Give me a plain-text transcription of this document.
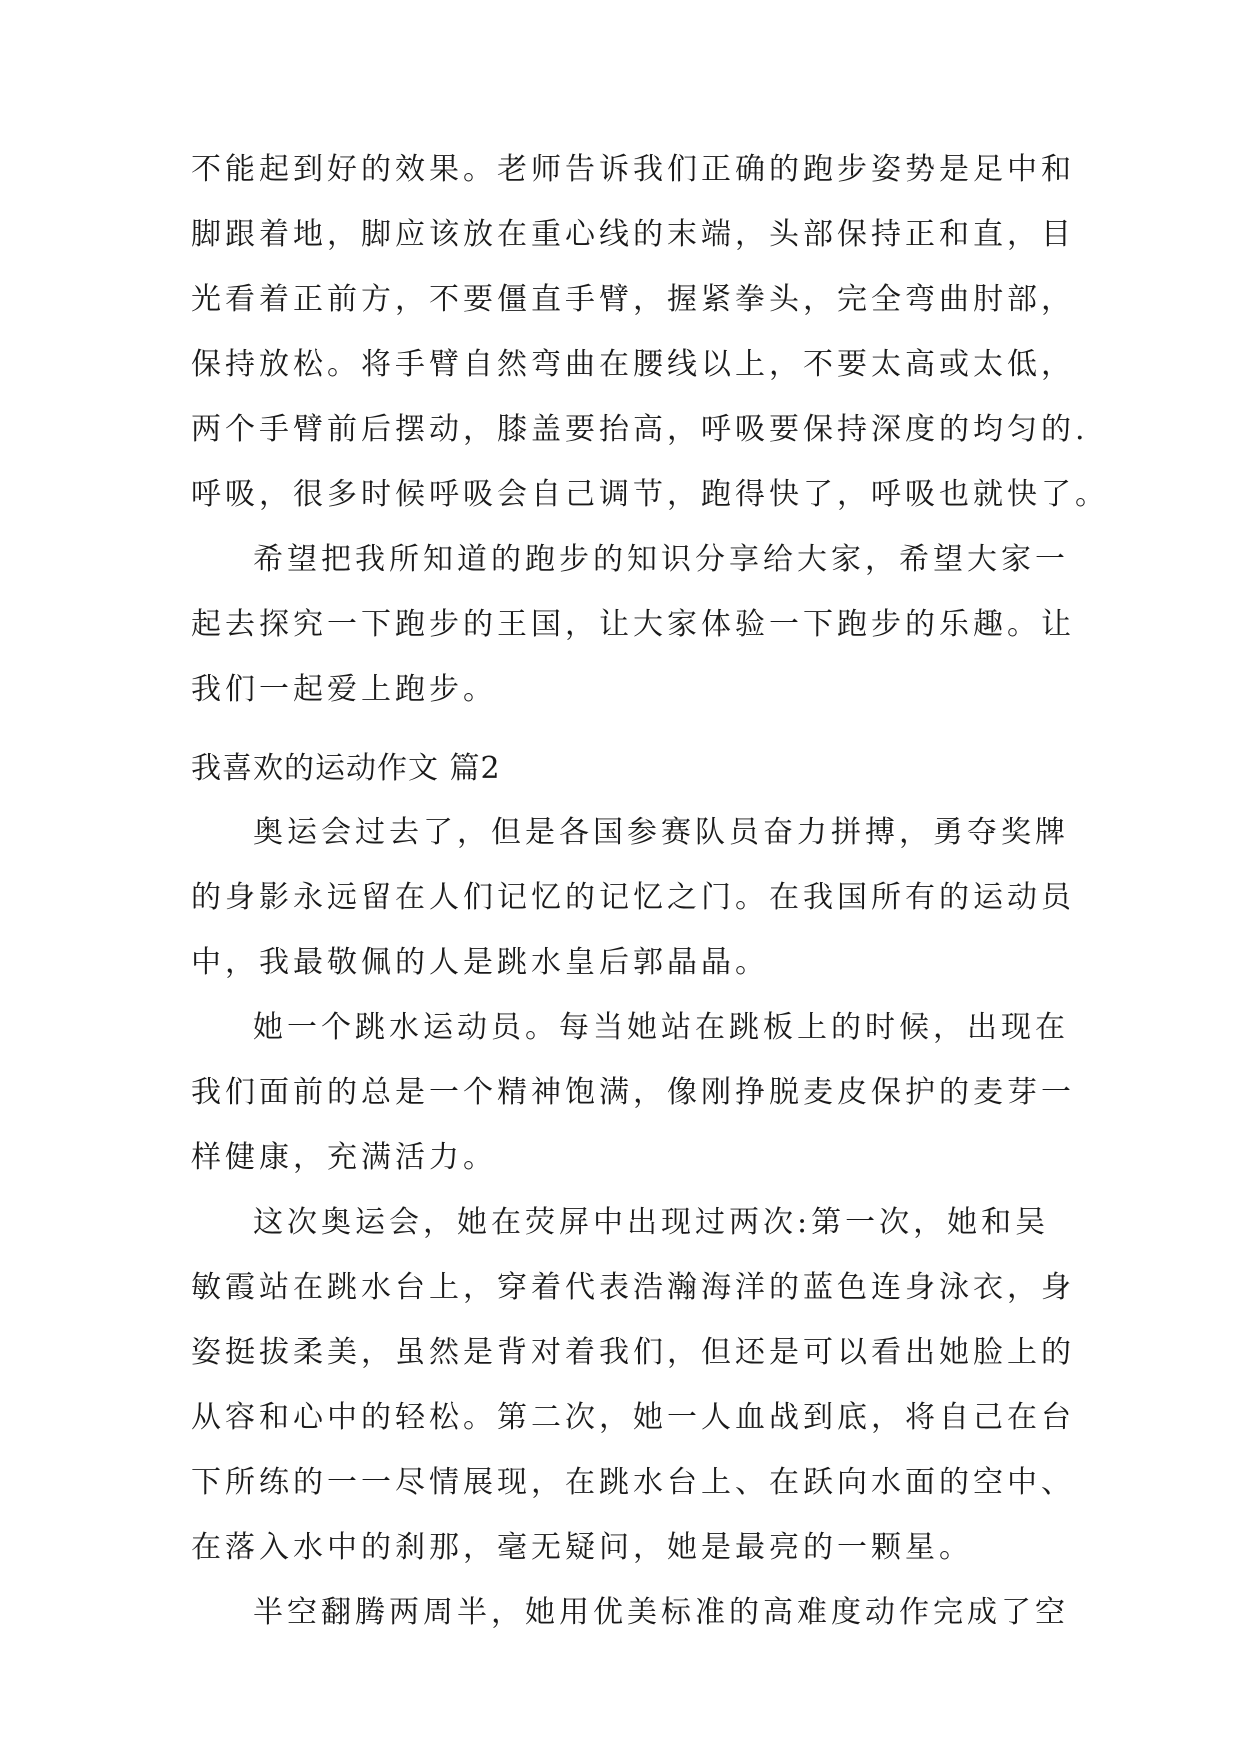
不能起到好的效果。老师告诉我们正确的跑步姿势是足中和
脚跟着地，脚应该放在重心线的末端，头部保持正和直，目
光看着正前方，不要僵直手臂，握紧拳头，完全弯曲肘部，
保持放松。将手臂自然弯曲在腰线以上，不要太高或太低，
两个手臂前后摆动，膝盖要抬高，呼吸要保持深度的均匀的.
呼吸，很多时候呼吸会自己调节，跑得快了，呼吸也就快了。
希望把我所知道的跑步的知识分享给大家，希望大家一
起去探究一下跑步的王国，让大家体验一下跑步的乐趣。让
我们一起爱上跑步。
我喜欢的运动作文 篇2
奥运会过去了，但是各国参赛队员奋力拼搏，勇夺奖牌
的身影永远留在人们记忆的记忆之门。在我国所有的运动员
中，我最敬佩的人是跳水皇后郭晶晶。
她一个跳水运动员。每当她站在跳板上的时候，出现在
我们面前的总是一个精神饱满，像刚挣脱麦皮保护的麦芽一
样健康，充满活力。
这次奥运会，她在荧屏中出现过两次:第一次，她和吴
敏霞站在跳水台上，穿着代表浩瀚海洋的蓝色连身泳衣，身
姿挺拔柔美，虽然是背对着我们，但还是可以看出她脸上的
从容和心中的轻松。第二次，她一人血战到底，将自己在台
下所练的一一尽情展现，在跳水台上、在跃向水面的空中、
在落入水中的刹那，毫无疑问，她是最亮的一颗星。
半空翻腾两周半，她用优美标准的高难度动作完成了空
